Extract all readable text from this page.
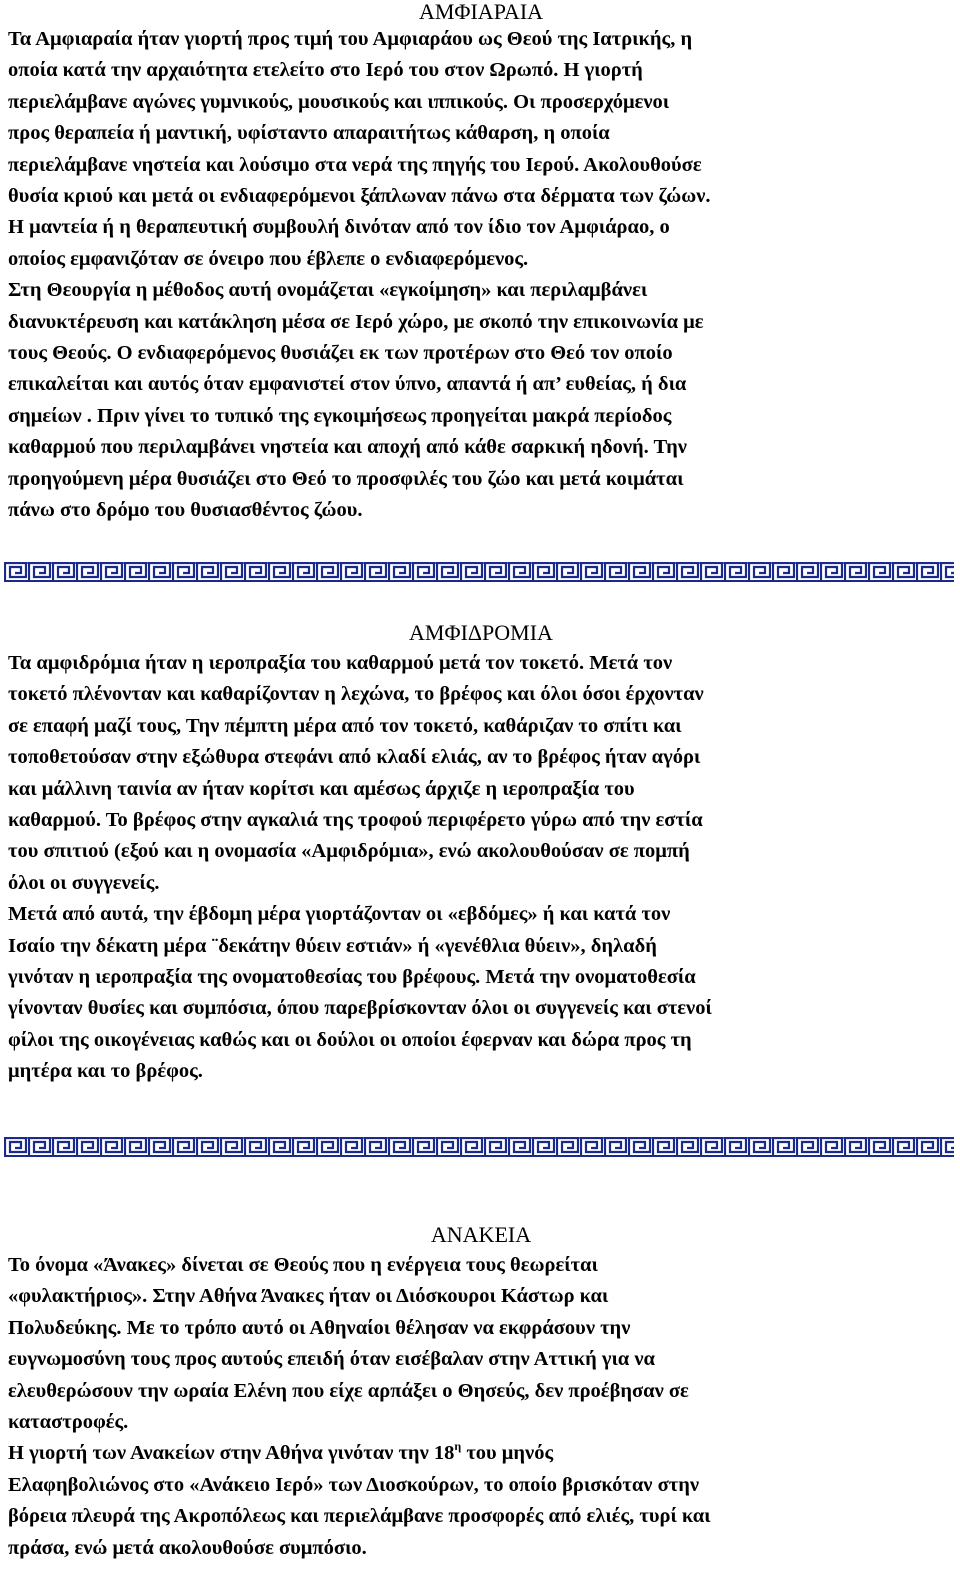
ΑΜΦΙΑΡΑΙΑ
Τα Αμφιαραία ήταν γιορτή προς τιμή του Αμφιαράου ως Θεού της Ιατρικής, η
οποία κατά την αρχαιότητα ετελείτο στο Ιερό του στον Ωρωπό. Η γιορτή
περιελάμβανε αγώνες γυμνικούς, μουσικούς και ιππικούς. Οι προσερχόμενοι
προς θεραπεία ή μαντική, υφίσταντο απαραιτήτως κάθαρση, η οποία
περιελάμβανε νηστεία και λούσιμο στα νερά της πηγής του Ιερού. Ακολουθούσε
θυσία κριού και μετά οι ενδιαφερόμενοι ξάπλωναν πάνω στα δέρματα των ζώων.
Η μαντεία ή η θεραπευτική συμβουλή δινόταν από τον ίδιο τον Αμφιάραο, ο
οποίος εμφανιζόταν σε όνειρο που έβλεπε ο ενδιαφερόμενος.
Στη Θεουργία η μέθοδος αυτή ονομάζεται «εγκοίμηση» και περιλαμβάνει
διανυκτέρευση και κατάκληση μέσα σε Ιερό χώρο, με σκοπό την επικοινωνία με
τους Θεούς. Ο ενδιαφερόμενος θυσιάζει εκ των προτέρων στο Θεό τον οποίο
επικαλείται και αυτός όταν εμφανιστεί στον ύπνο, απαντά ή απ’ ευθείας, ή δια
σημείων . Πριν γίνει το τυπικό της εγκοιμήσεως προηγείται μακρά περίοδος
καθαρμού που περιλαμβάνει νηστεία και αποχή από κάθε σαρκική ηδονή. Την
προηγούμενη μέρα θυσιάζει στο Θεό το προσφιλές του ζώο και μετά κοιμάται
πάνω στο δρόμο του θυσιασθέντος ζώου.
ΑΜΦΙΔΡΟΜΙΑ
Τα αμφιδρόμια ήταν η ιεροπραξία του καθαρμού μετά τον τοκετό. Μετά τον
τοκετό πλένονταν και καθαρίζονταν η λεχώνα, το βρέφος και όλοι όσοι έρχονταν
σε επαφή μαζί τους, Την πέμπτη μέρα από τον τοκετό, καθάριζαν το σπίτι και
τοποθετούσαν στην εξώθυρα στεφάνι από κλαδί ελιάς, αν το βρέφος ήταν αγόρι
και μάλλινη ταινία αν ήταν κορίτσι και αμέσως άρχιζε η ιεροπραξία του
καθαρμού. Το βρέφος στην αγκαλιά της τροφού περιφέρετο γύρω από την εστία
του σπιτιού (εξού και η ονομασία «Αμφιδρόμια», ενώ ακολουθούσαν σε πομπή
όλοι οι συγγενείς.
Μετά από αυτά, την έβδομη μέρα γιορτάζονταν οι «εβδόμες» ή και κατά τον
Ισαίο την δέκατη μέρα ¨δεκάτην θύειν εστιάν» ή «γενέθλια θύειν», δηλαδή
γινόταν η ιεροπραξία της ονοματοθεσίας του βρέφους. Μετά την ονοματοθεσία
γίνονταν θυσίες και συμπόσια, όπου παρεβρίσκονταν όλοι οι συγγενείς και στενοί
φίλοι της οικογένειας καθώς και οι δούλοι οι οποίοι έφερναν και δώρα προς τη
μητέρα και το βρέφος.
ΑΝΑΚΕΙΑ
Το όνομα «Άνακες» δίνεται σε Θεούς που η ενέργεια τους θεωρείται
«φυλακτήριος». Στην Αθήνα Άνακες ήταν οι Διόσκουροι Κάστωρ και
Πολυδεύκης. Με το τρόπο αυτό οι Αθηναίοι θέλησαν να εκφράσουν την
ευγνωμοσύνη τους προς αυτούς επειδή όταν εισέβαλαν στην Αττική για να
ελευθερώσουν την ωραία Ελένη που είχε αρπάξει ο Θησεύς, δεν προέβησαν σε
καταστροφές.
Η γιορτή των Ανακείων στην Αθήνα γινόταν την $18^\eta$ του μηνός
Ελαφηβολιώνος στο «Ανάκειο Ιερό» των Διοσκούρων, το οποίο βρισκόταν στην
βόρεια πλευρά της Ακροπόλεως και περιελάμβανε προσφορές από ελιές, τυρί και
πράσα, ενώ μετά ακολουθούσε συμπόσιο.
